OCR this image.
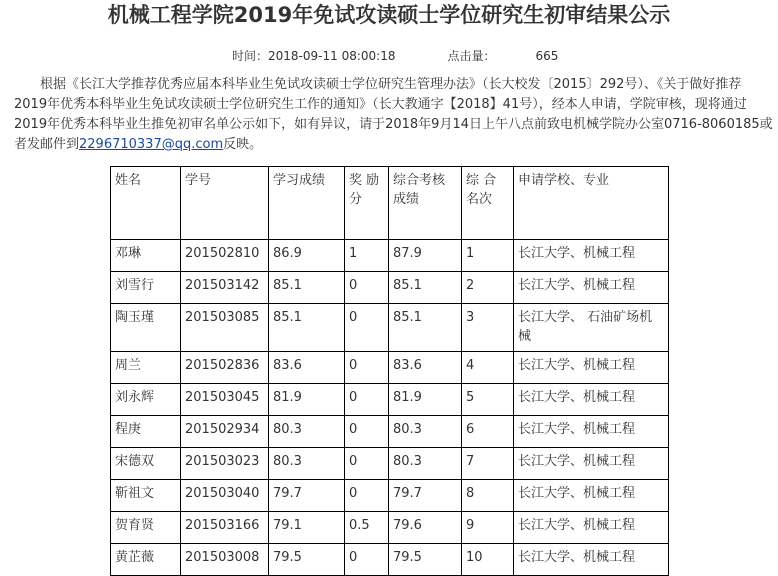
机械工程学院2019年免试攻读硕士学位研究生初审结果公示
时间：2018-09-11 08:00:18	点击量：	665
根据《长江大学推荐优秀应届本科毕业生免试攻读硕士学位研究生管理办法》（长大校发〔2015〕292号）、《关于做好推荐2019年优秀本科毕业生免试攻读硕士学位研究生工作的通知》（长大教通字【2018】41号），经本人申请，学院审核，现将通过2019年优秀本科毕业生推免初审名单公示如下，如有异议，请于2018年9月14日上午八点前致电机械学院办公室0716-8060185或者发邮件到2296710337@qq.com反映。
姓名	学号	学习成绩	奖 励分	综合考核成绩	综 合名次	申请学校、专业
邓琳	201502810	86.9	1	87.9	1	长江大学、机械工程
刘雪行	201503142	85.1	0	85.1	2	长江大学、机械工程
陶玉瑾	201503085	85.1	0	85.1	3	长江大学、 石油矿场机械
周兰	201502836	83.6	0	83.6	4	长江大学、机械工程
刘永辉	201503045	81.9	0	81.9	5	长江大学、机械工程
程庚	201502934	80.3	0	80.3	6	长江大学、机械工程
宋德双	201503023	80.3	0	80.3	7	长江大学、机械工程
靳祖文	201503040	79.7	0	79.7	8	长江大学、机械工程
贺育贤	201503166	79.1	0.5	79.6	9	长江大学、机械工程
黄芷薇	201503008	79.5	0	79.5	10	长江大学、机械工程
